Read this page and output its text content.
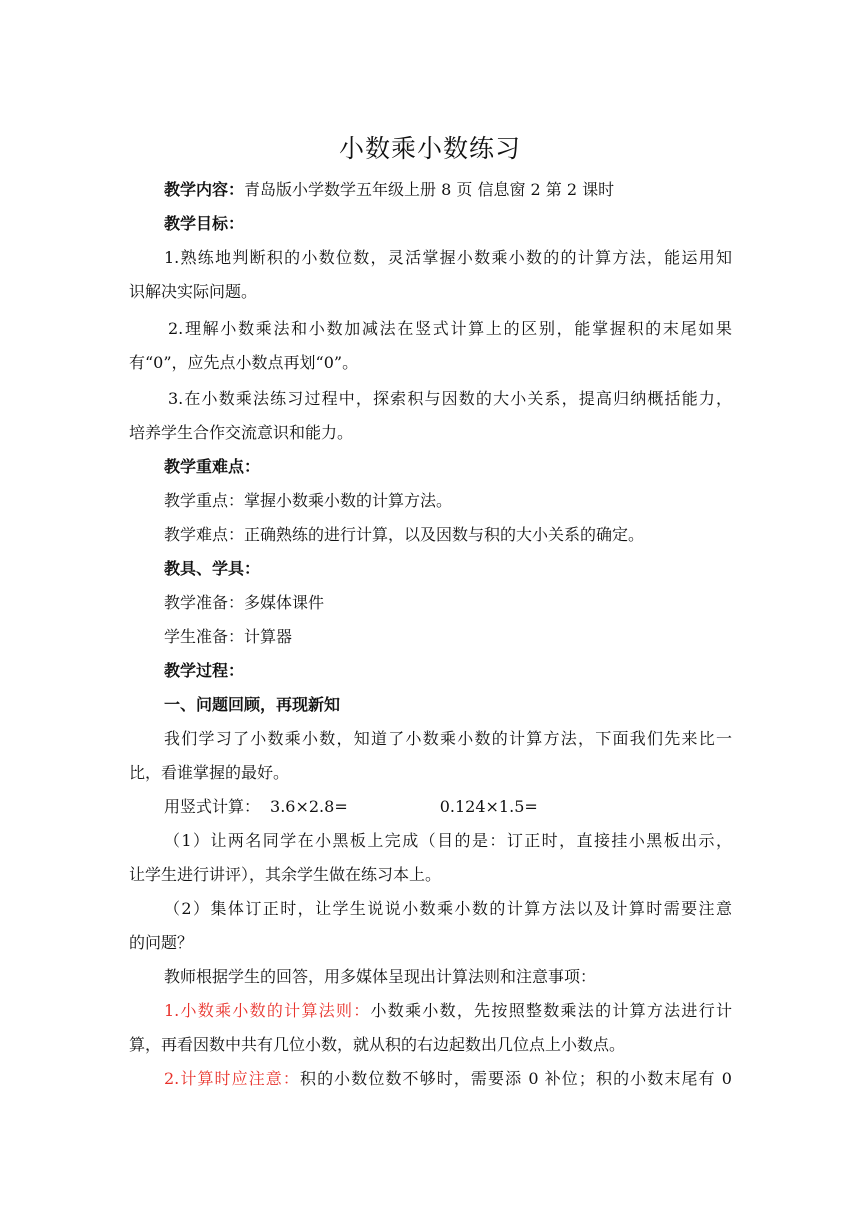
小数乘小数练习
教学内容：青岛版小学数学五年级上册 8 页 信息窗 2 第 2 课时
教学目标：
1.熟练地判断积的小数位数，灵活掌握小数乘小数的的计算方法，能运用知
识解决实际问题。
2.理解小数乘法和小数加减法在竖式计算上的区别，能掌握积的末尾如果
有“0”，应先点小数点再划“0”。
3.在小数乘法练习过程中，探索积与因数的大小关系，提高归纳概括能力，
培养学生合作交流意识和能力。
教学重难点：
教学重点：掌握小数乘小数的计算方法。
教学难点：正确熟练的进行计算，以及因数与积的大小关系的确定。
教具、学具：
教学准备：多媒体课件
学生准备：计算器
教学过程：
一、问题回顾，再现新知
我们学习了小数乘小数，知道了小数乘小数的计算方法，下面我们先来比一
比，看谁掌握的最好。
用竖式计算： 3.6×2.8=	0.124×1.5=
（1）让两名同学在小黑板上完成（目的是：订正时，直接挂小黑板出示，
让学生进行讲评），其余学生做在练习本上。
（2）集体订正时，让学生说说小数乘小数的计算方法以及计算时需要注意
的问题？
教师根据学生的回答，用多媒体呈现出计算法则和注意事项：
1.小数乘小数的计算法则：小数乘小数，先按照整数乘法的计算方法进行计
算，再看因数中共有几位小数，就从积的右边起数出几位点上小数点。
2.计算时应注意：积的小数位数不够时，需要添 0 补位；积的小数末尾有 0
